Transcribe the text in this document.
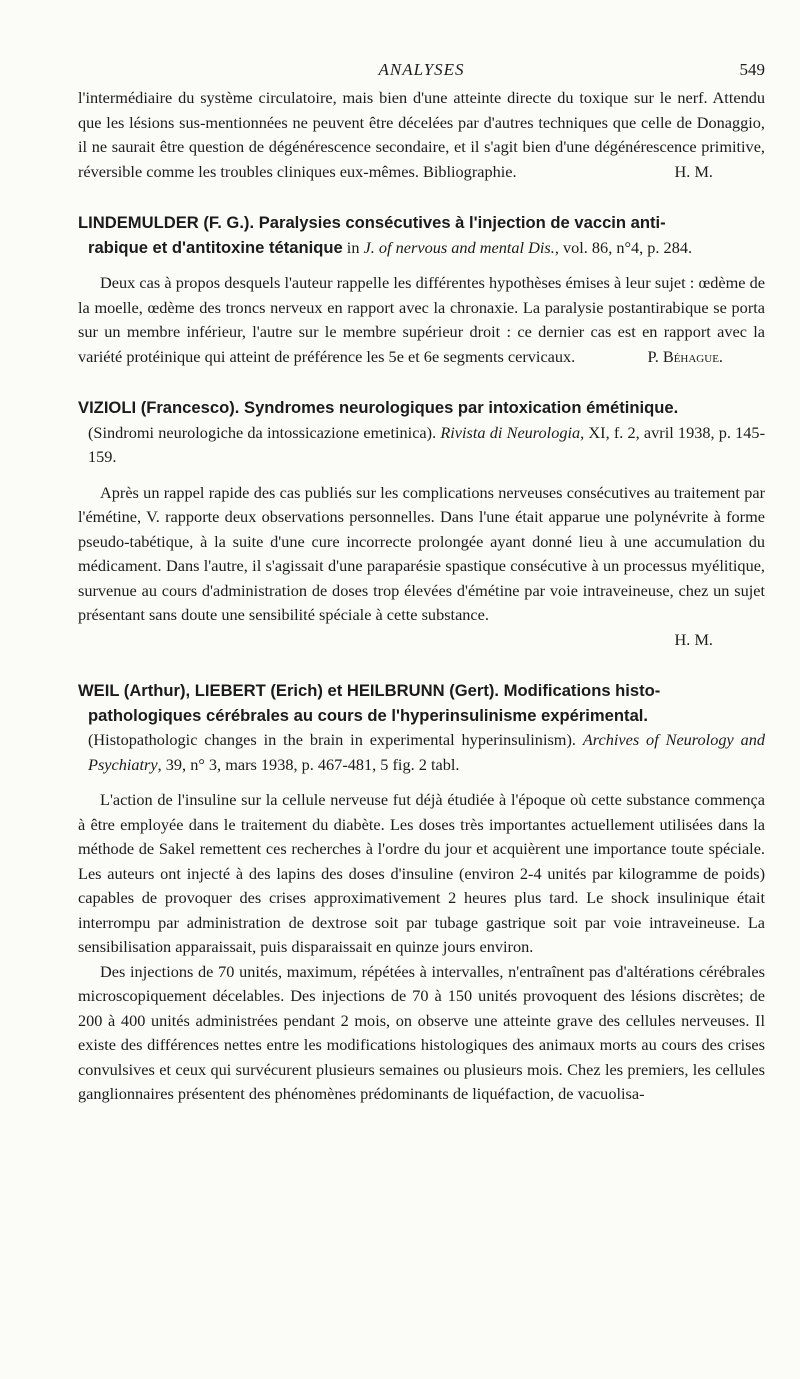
ANALYSES	549

l'intermédiaire du système circulatoire, mais bien d'une atteinte directe du toxique sur le nerf. Attendu que les lésions sus-mentionnées ne peuvent être décelées par d'autres techniques que celle de Donaggio, il ne saurait être question de dégénérescence secondaire, et il s'agit bien d'une dégénérescence primitive, réversible comme les troubles cliniques eux-mêmes. Bibliographie.	H. M.

LINDEMULDER (F. G.). Paralysies consécutives à l'injection de vaccin anti-
rabique et d'antitoxine tétanique in J. of nervous and mental Dis., vol. 86, n°4, p. 284.

Deux cas à propos desquels l'auteur rappelle les différentes hypothèses émises à leur sujet : œdème de la moelle, œdème des troncs nerveux en rapport avec la chronaxie. La paralysie postantirabique se porta sur un membre inférieur, l'autre sur le membre supérieur droit : ce dernier cas est en rapport avec la variété protéinique qui atteint de préférence les 5e et 6e segments cervicaux.	P. Béhague.

VIZIOLI (Francesco). Syndromes neurologiques par intoxication émétinique.
(Sindromi neurologiche da intossicazione emetinica). Rivista di Neurologia, XI, f. 2, avril 1938, p. 145-159.

Après un rappel rapide des cas publiés sur les complications nerveuses consécutives au traitement par l'émétine, V. rapporte deux observations personnelles. Dans l'une était apparue une polynévrite à forme pseudo-tabétique, à la suite d'une cure incorrecte prolongée ayant donné lieu à une accumulation du médicament. Dans l'autre, il s'agissait d'une paraparésie spastique consécutive à un processus myélitique, survenue au cours d'administration de doses trop élevées d'émétine par voie intraveineuse, chez un sujet présentant sans doute une sensibilité spéciale à cette substance.

H. M.
WEIL (Arthur), LIEBERT (Erich) et HEILBRUNN (Gert). Modifications histo-
pathologiques cérébrales au cours de l'hyperinsulinisme expérimental.
(Histopathologic changes in the brain in experimental hyperinsulinism). Archives of Neurology and Psychiatry, 39, n° 3, mars 1938, p. 467-481, 5 fig. 2 tabl.

L'action de l'insuline sur la cellule nerveuse fut déjà étudiée à l'époque où cette substance commença à être employée dans le traitement du diabète. Les doses très importantes actuellement utilisées dans la méthode de Sakel remettent ces recherches à l'ordre du jour et acquièrent une importance toute spéciale. Les auteurs ont injecté à des lapins des doses d'insuline (environ 2-4 unités par kilogramme de poids) capables de provoquer des crises approximativement 2 heures plus tard. Le shock insulinique était interrompu par administration de dextrose soit par tubage gastrique soit par voie intraveineuse. La sensibilisation apparaissait, puis disparaissait en quinze jours environ.

Des injections de 70 unités, maximum, répétées à intervalles, n'entraînent pas d'altérations cérébrales microscopiquement décelables. Des injections de 70 à 150 unités provoquent des lésions discrètes; de 200 à 400 unités administrées pendant 2 mois, on observe une atteinte grave des cellules nerveuses. Il existe des différences nettes entre les modifications histologiques des animaux morts au cours des crises convulsives et ceux qui survécurent plusieurs semaines ou plusieurs mois. Chez les premiers, les cellules ganglionnaires présentent des phénomènes prédominants de liquéfaction, de vacuolisa-
